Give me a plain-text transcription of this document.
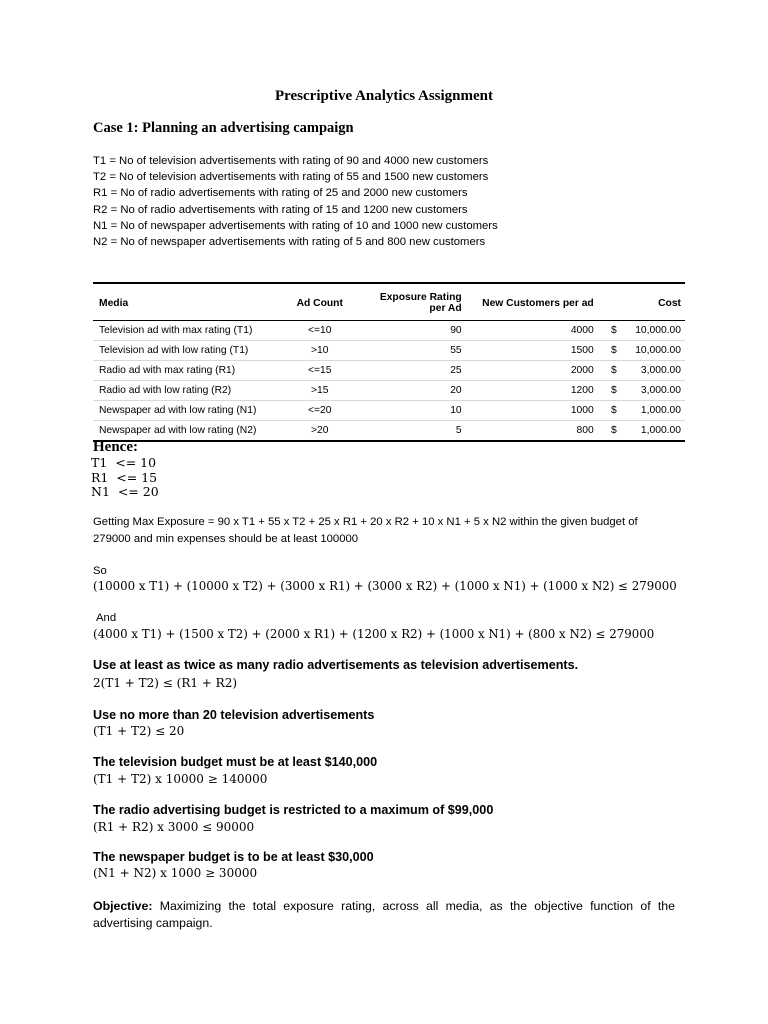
Prescriptive Analytics Assignment
Case 1: Planning an advertising campaign
T1 = No of television advertisements with rating of 90 and 4000 new customers
T2 = No of television advertisements with rating of 55 and 1500 new customers
R1 = No of radio advertisements with rating of 25 and 2000 new customers
R2 = No of radio advertisements with rating of 15 and 1200 new customers
N1 = No of newspaper advertisements with rating of 10 and 1000 new customers
N2 = No of newspaper advertisements with rating of 5 and 800 new customers
Media	Ad Count	Exposure Rating per Ad	New Customers per ad	Cost
Television ad with max rating (T1)	<=10	90	4000	$ 10,000.00

Television ad with low rating (T1)	>10	55	1500	$ 10,000.00

Radio ad with max rating (R1)	<=15	25	2000	$ 3,000.00

Radio ad with low rating (R2)	>15	20	1200	$ 3,000.00

Newspaper ad with low rating (N1)	<=20	10	1000	$ 1,000.00

Newspaper ad with low rating (N2)	>20	5	800	$ 1,000.00
Hence:
T1  <= 10
R1  <= 15
N1  <= 20
Getting Max Exposure = 90 x T1 + 55 x T2 + 25 x R1 + 20 x R2 + 10 x N1 + 5 x N2 within the given budget of
279000 and min expenses should be at least 100000
So
(10000 x T1) + (10000 x T2) + (3000 x R1) + (3000 x R2) + (1000 x N1) + (1000 x N2) ≤ 279000
And
(4000 x T1) + (1500 x T2) + (2000 x R1) + (1200 x R2) + (1000 x N1) + (800 x N2) ≤ 279000
Use at least as twice as many radio advertisements as television advertisements.
2(T1 + T2) ≤ (R1 + R2)
Use no more than 20 television advertisements
(T1 + T2) ≤ 20
The television budget must be at least $140,000
(T1 + T2) x 10000 ≥ 140000
The radio advertising budget is restricted to a maximum of $99,000
(R1 + R2) x 3000 ≤ 90000
The newspaper budget is to be at least $30,000
(N1 + N2) x 1000 ≥ 30000
Objective: Maximizing the total exposure rating, across all media, as the objective function of the advertising campaign.
